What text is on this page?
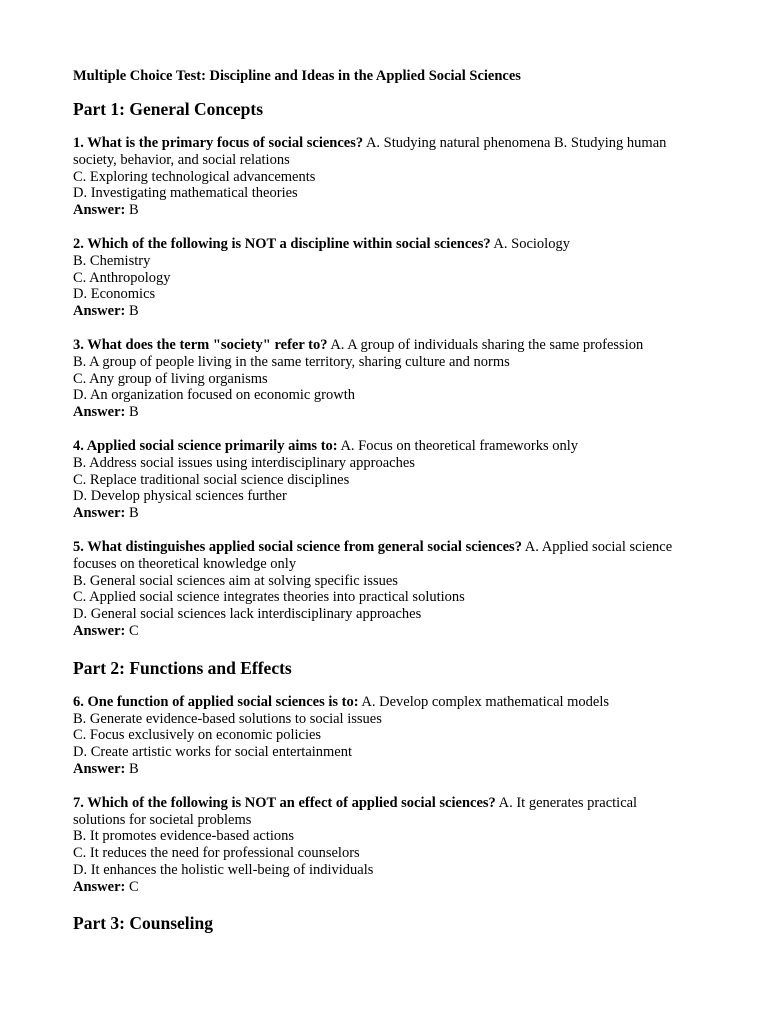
Multiple Choice Test: Discipline and Ideas in the Applied Social Sciences
Part 1: General Concepts
1. What is the primary focus of social sciences? A. Studying natural phenomena B. Studying human society, behavior, and social relations
C. Exploring technological advancements
D. Investigating mathematical theories
Answer: B
2. Which of the following is NOT a discipline within social sciences? A. Sociology
B. Chemistry
C. Anthropology
D. Economics
Answer: B
3. What does the term "society" refer to? A. A group of individuals sharing the same profession
B. A group of people living in the same territory, sharing culture and norms
C. Any group of living organisms
D. An organization focused on economic growth
Answer: B
4. Applied social science primarily aims to: A. Focus on theoretical frameworks only
B. Address social issues using interdisciplinary approaches
C. Replace traditional social science disciplines
D. Develop physical sciences further
Answer: B
5. What distinguishes applied social science from general social sciences? A. Applied social science focuses on theoretical knowledge only
B. General social sciences aim at solving specific issues
C. Applied social science integrates theories into practical solutions
D. General social sciences lack interdisciplinary approaches
Answer: C
Part 2: Functions and Effects
6. One function of applied social sciences is to: A. Develop complex mathematical models
B. Generate evidence-based solutions to social issues
C. Focus exclusively on economic policies
D. Create artistic works for social entertainment
Answer: B
7. Which of the following is NOT an effect of applied social sciences? A. It generates practical solutions for societal problems
B. It promotes evidence-based actions
C. It reduces the need for professional counselors
D. It enhances the holistic well-being of individuals
Answer: C
Part 3: Counseling
